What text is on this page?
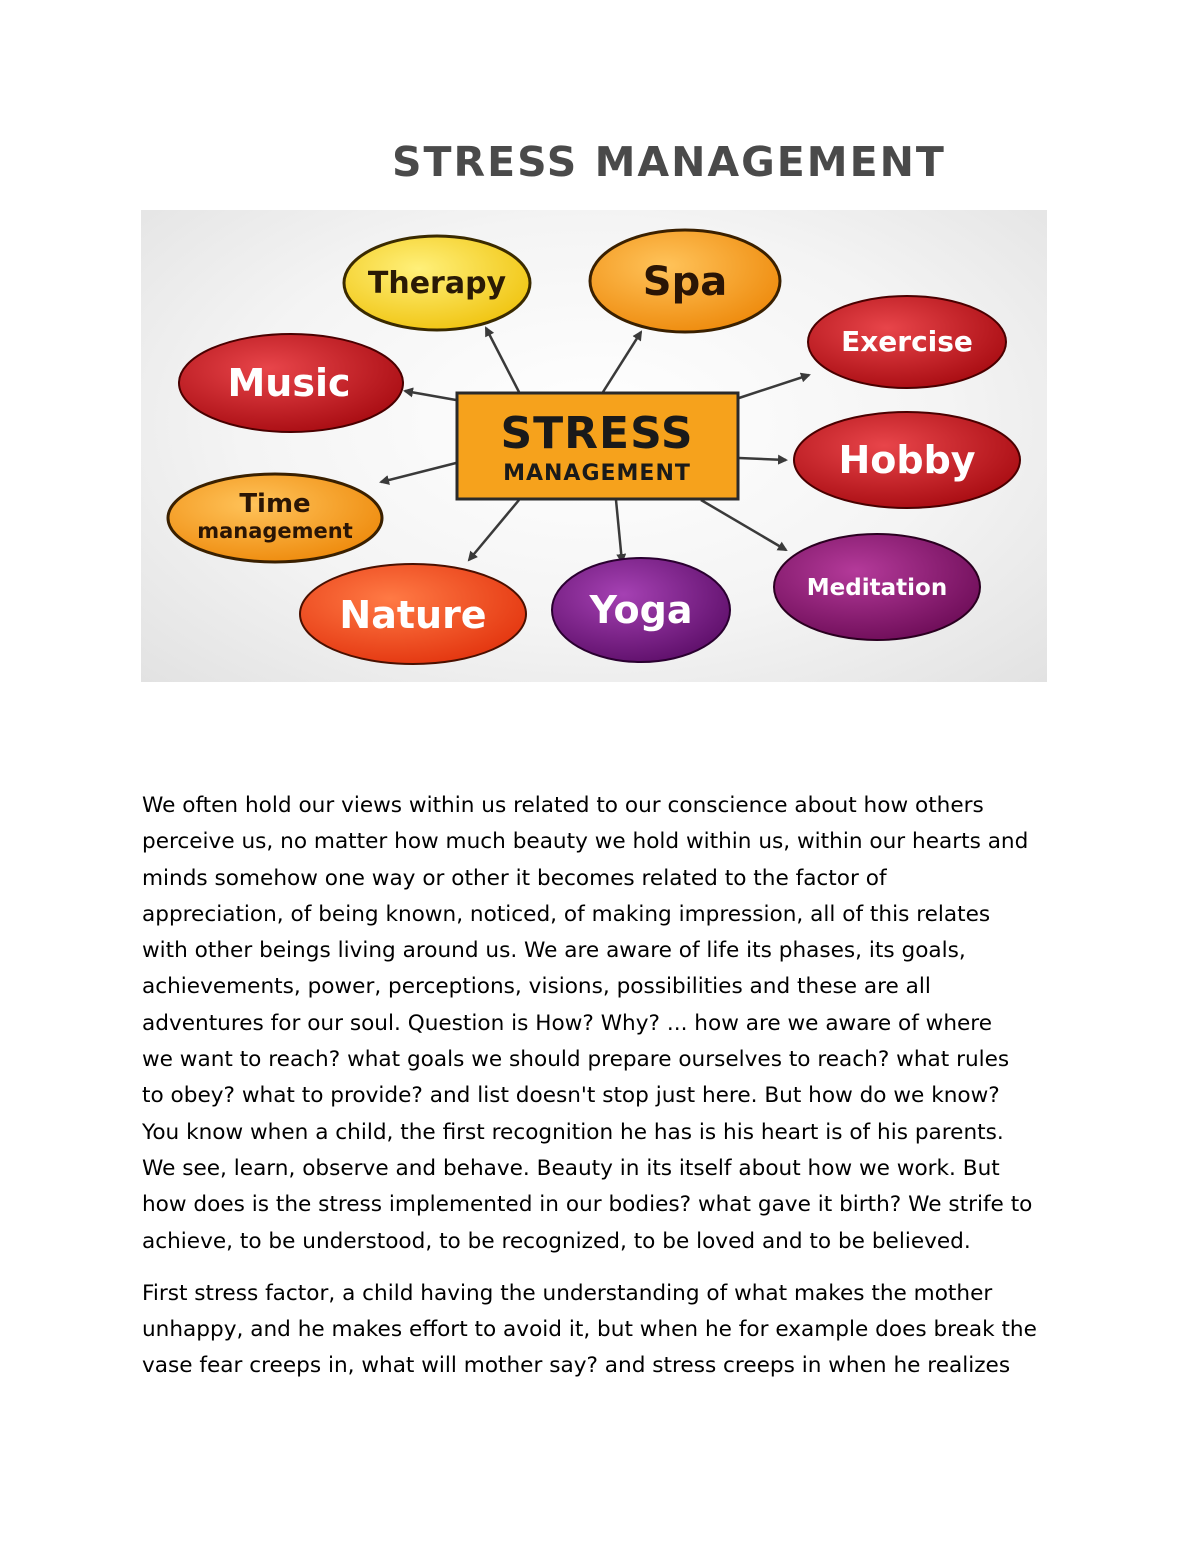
STRESS MANAGEMENT
STRESS
MANAGEMENT
Therapy	Spa
Exercise
Music
Hobby
Time
management
Nature	Yoga	Meditation

We often hold our views within us related to our conscience about how others
perceive us, no matter how much beauty we hold within us, within our hearts and
minds somehow one way or other it becomes related to the factor of
appreciation, of being known, noticed, of making impression, all of this relates
with other beings living around us. We are aware of life its phases, its goals,
achievements, power, perceptions, visions, possibilities and these are all
adventures for our soul. Question is How? Why? ... how are we aware of where
we want to reach? what goals we should prepare ourselves to reach? what rules
to obey? what to provide? and list doesn't stop just here. But how do we know?
You know when a child, the first recognition he has is his heart is of his parents.
We see, learn, observe and behave. Beauty in its itself about how we work. But
how does is the stress implemented in our bodies? what gave it birth? We strife to
achieve, to be understood, to be recognized, to be loved and to be believed.

First stress factor, a child having the understanding of what makes the mother
unhappy, and he makes effort to avoid it, but when he for example does break the
vase fear creeps in, what will mother say? and stress creeps in when he realizes
